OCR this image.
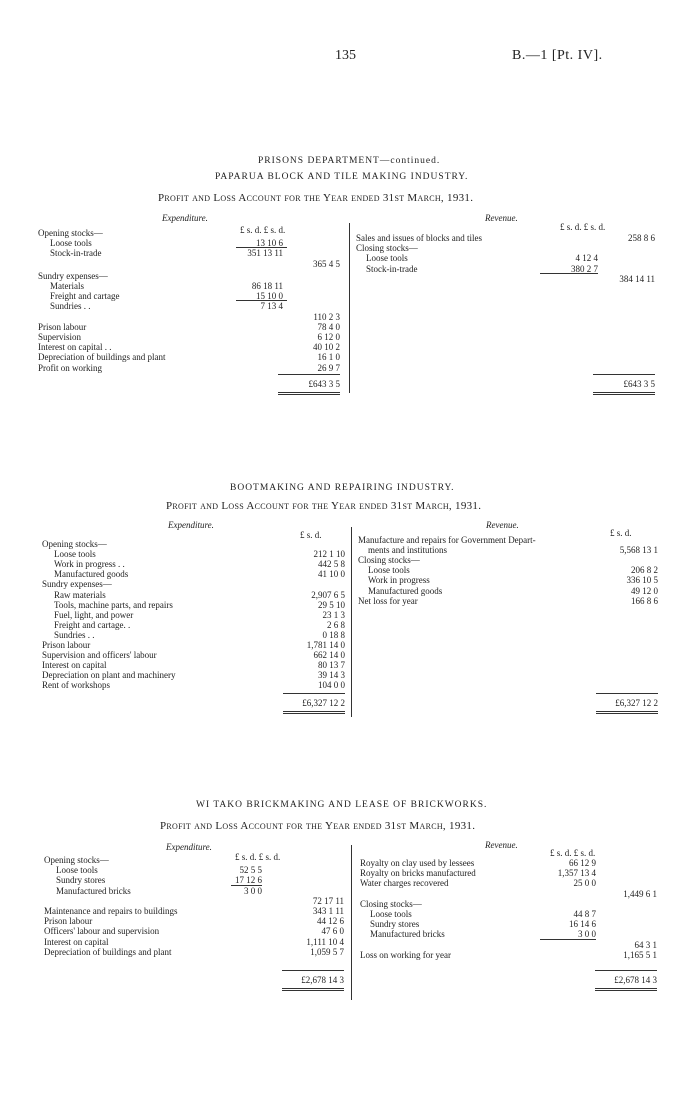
135	B.—1 [Pt. IV].
PRISONS DEPARTMENT—continued.
PAPARUA BLOCK AND TILE MAKING INDUSTRY.
Profit and Loss Account for the Year ended 31st March, 1931.
Expenditure.	Revenue.
£ s. d. £ s. d.	£ s. d. £ s. d.
Opening stocks—
Loose tools	13 10 6
Stock-in-trade	351 13 11
365 4 5
Sundry expenses—
Materials	86 18 11
Freight and cartage	15 10 0
Sundries . .	7 13 4
110 2 3
Prison labour	78 4 0
Supervision	6 12 0
Interest on capital . .	40 10 2
Depreciation of buildings and plant	16 1 0
Profit on working	26 9 7
Sales and issues of blocks and tiles	258 8 6
Closing stocks—
Loose tools	4 12 4
Stock-in-trade	380 2 7
384 14 11
£643 3 5	£643 3 5
BOOTMAKING AND REPAIRING INDUSTRY.
Profit and Loss Account for the Year ended 31st March, 1931.
Expenditure.	Revenue.
£ s. d.	£ s. d.
Opening stocks—
Loose tools	212 1 10
Work in progress . .	442 5 8
Manufactured goods	41 10 0
Sundry expenses—
Raw materials	2,907 6 5
Tools, machine parts, and repairs	29 5 10
Fuel, light, and power	23 1 3
Freight and cartage. .	2 6 8
Sundries . .	0 18 8
Prison labour	1,781 14 0
Supervision and officers' labour	662 14 0
Interest on capital	80 13 7
Depreciation on plant and machinery	39 14 3
Rent of workshops	104 0 0
Manufacture and repairs for Government Depart-
ments and institutions	5,568 13 1
Closing stocks—
Loose tools	206 8 2
Work in progress	336 10 5
Manufactured goods	49 12 0
Net loss for year	166 8 6
£6,327 12 2	£6,327 12 2
WI TAKO BRICKMAKING AND LEASE OF BRICKWORKS.
Profit and Loss Account for the Year ended 31st March, 1931.
Expenditure.	Revenue.
£ s. d. £ s. d.	£ s. d. £ s. d.
Opening stocks—
Loose tools	52 5 5
Sundry stores	17 12 6
Manufactured bricks	3 0 0
72 17 11
Maintenance and repairs to buildings	343 1 11
Prison labour	44 12 6
Officers' labour and supervision	47 6 0
Interest on capital	1,111 10 4
Depreciation of buildings and plant	1,059 5 7
Royalty on clay used by lessees	66 12 9
Royalty on bricks manufactured	1,357 13 4
Water charges recovered	25 0 0
1,449 6 1
Closing stocks—
Loose tools	44 8 7
Sundry stores	16 14 6
Manufactured bricks	3 0 0
64 3 1
Loss on working for year	1,165 5 1
£2,678 14 3	£2,678 14 3
